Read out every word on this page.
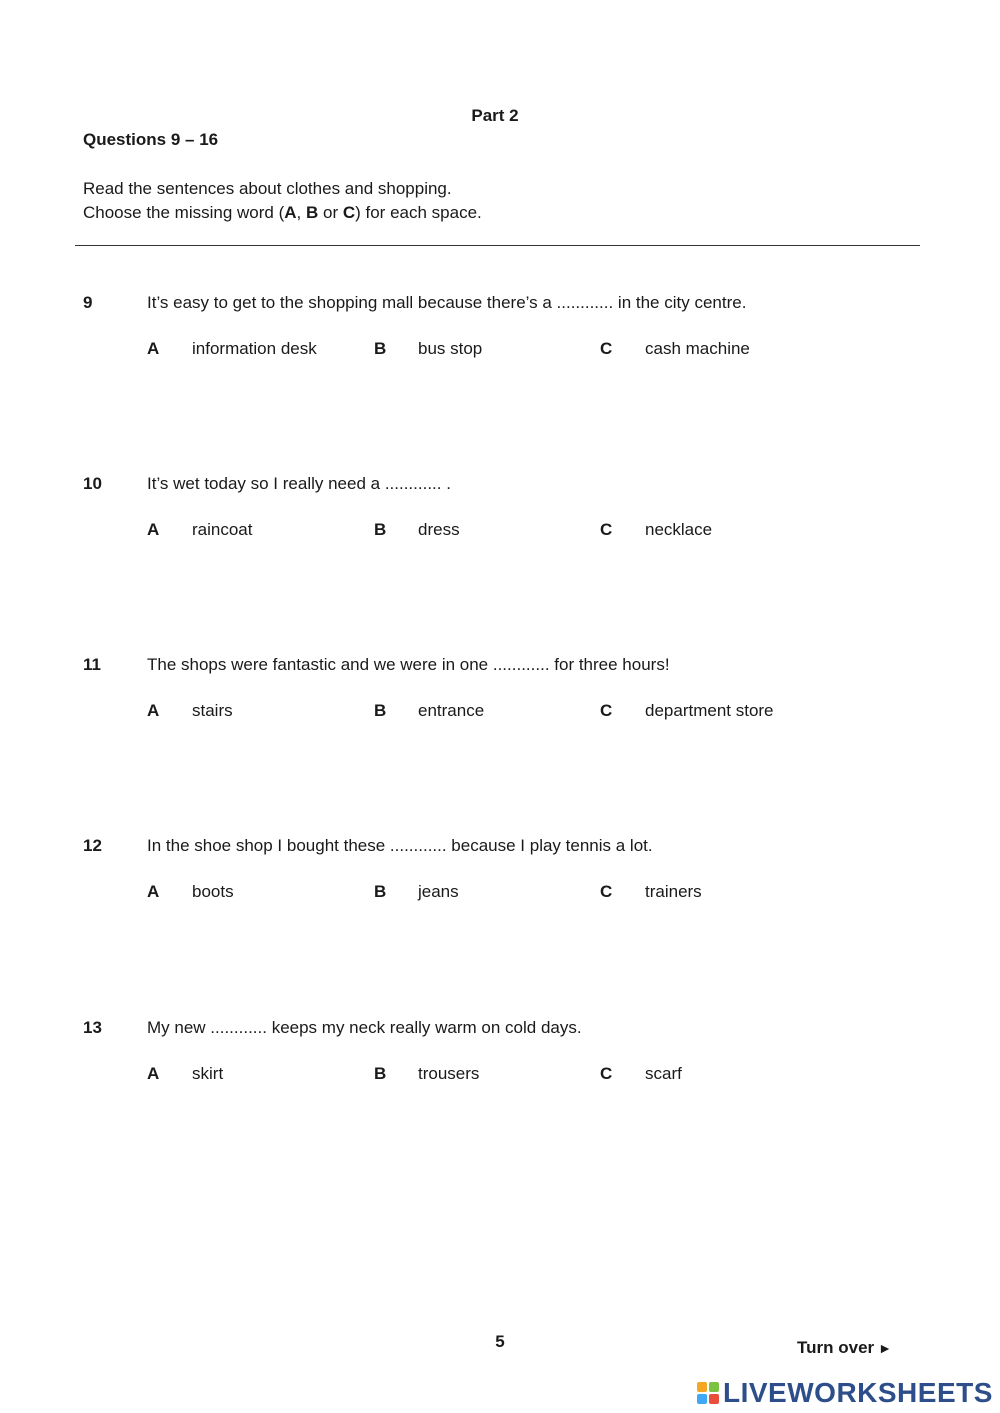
Part 2
Questions 9 – 16
Read the sentences about clothes and shopping.
Choose the missing word (A, B or C) for each space.
9	It’s easy to get to the shopping mall because there’s a ............ in the city centre.
A information desk	B bus stop	C cash machine
10	It’s wet today so I really need a ............ .
A raincoat	B dress	C necklace
11	The shops were fantastic and we were in one ............ for three hours!
A stairs	B entrance	C department store
12	In the shoe shop I bought these ............ because I play tennis a lot.
A boots	B jeans	C trainers
13	My new ............ keeps my neck really warm on cold days.
A skirt	B trousers	C scarf
5	Turn over ►
LIVEWORKSHEETS
